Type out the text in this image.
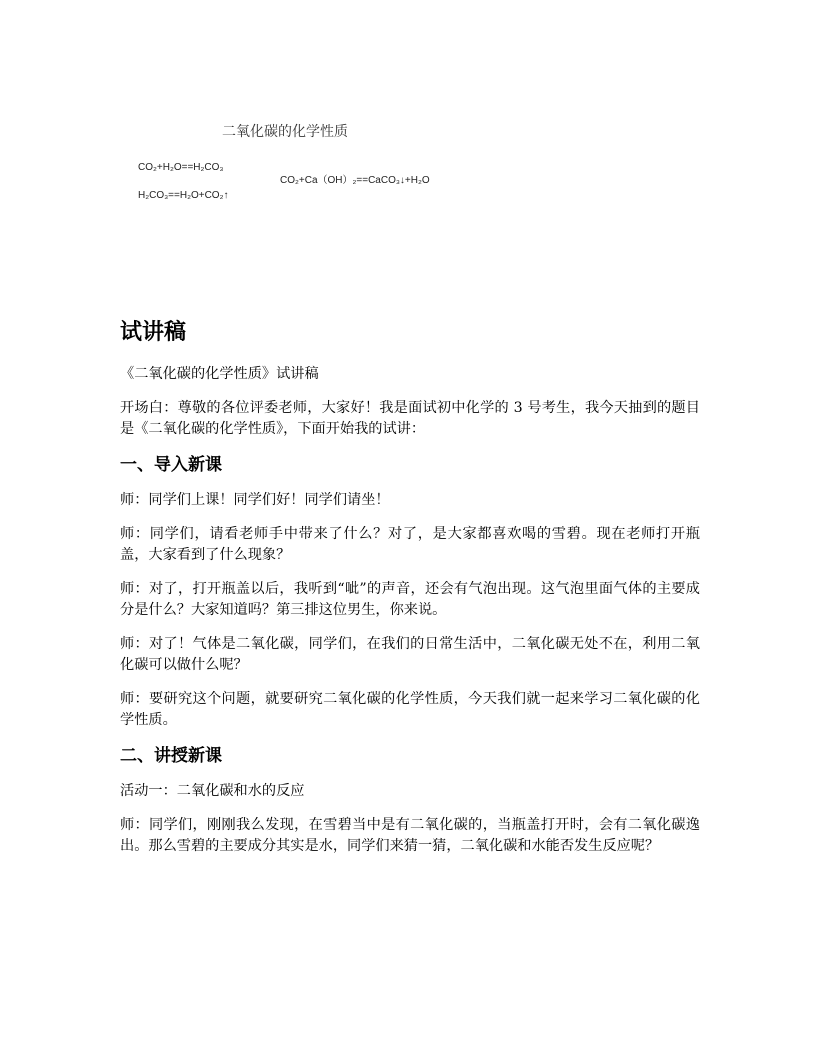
二氧化碳的化学性质
CO₂+H₂O==H₂CO₃
H₂CO₃==H₂O+CO₂↑
CO₂+Ca（OH）₂==CaCO₃↓+H₂O
试讲稿

《二氧化碳的化学性质》试讲稿

开场白：尊敬的各位评委老师，大家好！我是面试初中化学的 3 号考生，我今天抽到的题目是《二氧化碳的化学性质》，下面开始我的试讲：

一、导入新课

师：同学们上课！同学们好！同学们请坐！

师：同学们，请看老师手中带来了什么？对了，是大家都喜欢喝的雪碧。现在老师打开瓶盖，大家看到了什么现象？

师：对了，打开瓶盖以后，我听到“呲”的声音，还会有气泡出现。这气泡里面气体的主要成分是什么？大家知道吗？第三排这位男生，你来说。

师：对了！气体是二氧化碳，同学们，在我们的日常生活中，二氧化碳无处不在，利用二氧化碳可以做什么呢？

师：要研究这个问题，就要研究二氧化碳的化学性质，今天我们就一起来学习二氧化碳的化学性质。

二、讲授新课

活动一：二氧化碳和水的反应

师：同学们，刚刚我么发现，在雪碧当中是有二氧化碳的，当瓶盖打开时，会有二氧化碳逸出。那么雪碧的主要成分其实是水，同学们来猜一猜，二氧化碳和水能否发生反应呢？
